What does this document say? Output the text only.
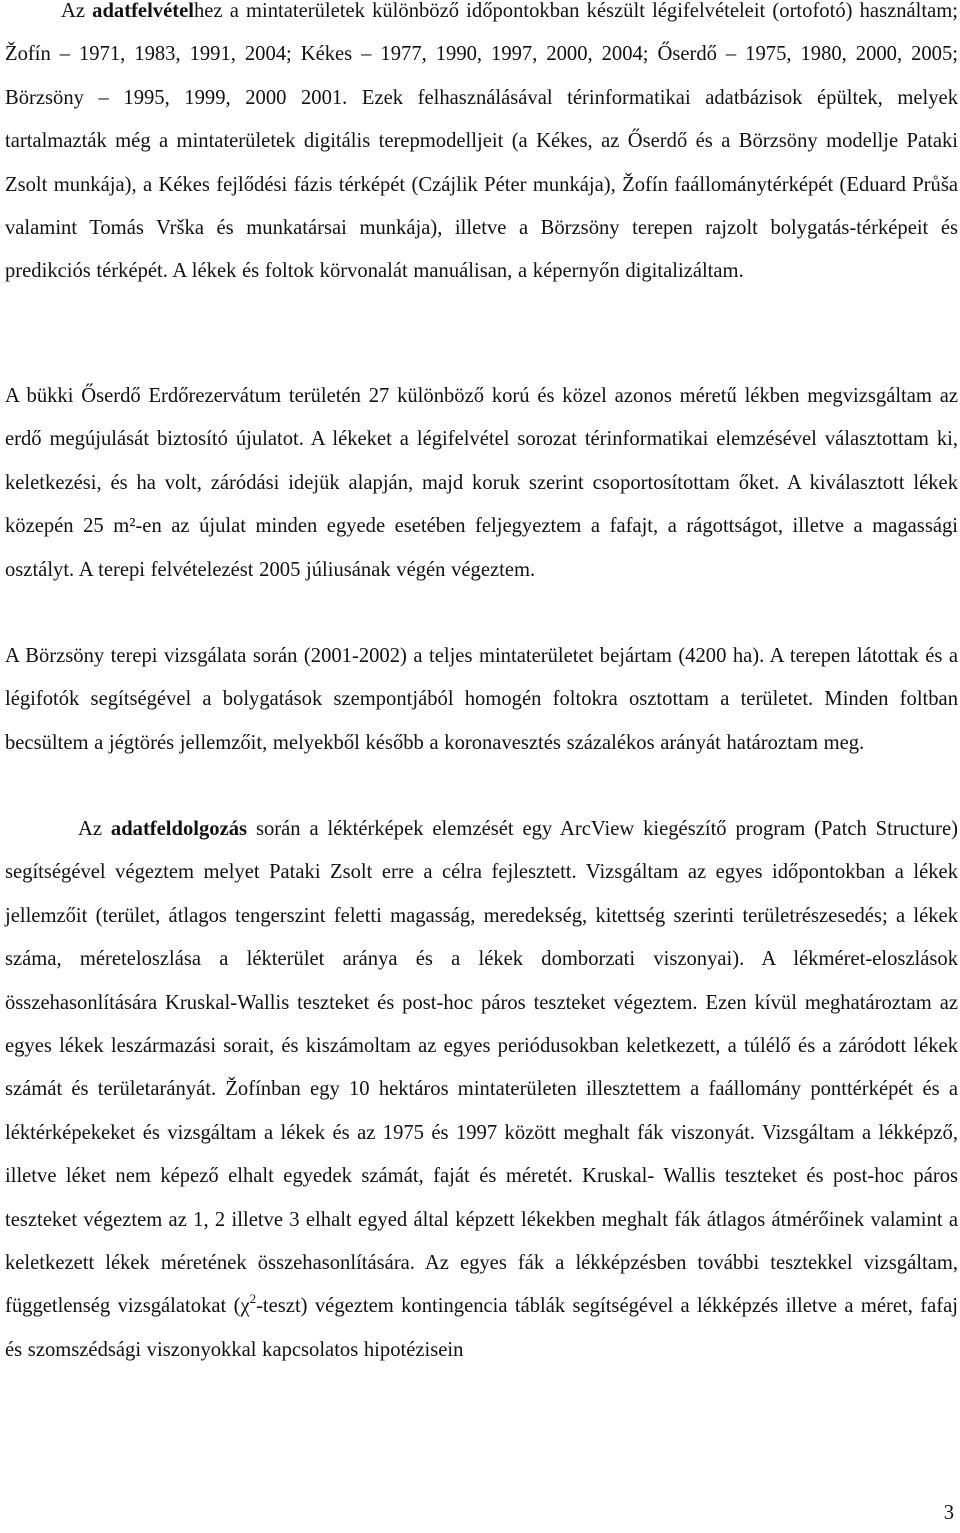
Az adatfelvételhez a mintaterületek különböző időpontokban készült légifelvételeit (ortofotó) használtam; Žofín – 1971, 1983, 1991, 2004; Kékes – 1977, 1990, 1997, 2000, 2004; Őserdő – 1975, 1980, 2000, 2005; Börzsöny – 1995, 1999, 2000 2001. Ezek felhasználásával térinformatikai adatbázisok épültek, melyek tartalmazták még a mintaterületek digitális terepmodelljeit (a Kékes, az Őserdő és a Börzsöny modellje Pataki Zsolt munkája), a Kékes fejlődési fázis térképét (Czájlik Péter munkája), Žofín faállománytérképét (Eduard Průša valamint Tomás Vrška és munkatársai munkája), illetve a Börzsöny terepen rajzolt bolygatás-térképeit és predikciós térképét. A lékek és foltok körvonalát manuálisan, a képernyőn digitalizáltam.

A bükki Őserdő Erdőrezervátum területén 27 különböző korú és közel azonos méretű lékben megvizsgáltam az erdő megújulását biztosító újulatot. A lékeket a légifelvétel sorozat térinformatikai elemzésével választottam ki, keletkezési, és ha volt, záródási idejük alapján, majd koruk szerint csoportosítottam őket. A kiválasztott lékek közepén 25 m²-en az újulat minden egyede esetében feljegyeztem a fafajt, a rágottságot, illetve a magassági osztályt. A terepi felvételezést 2005 júliusának végén végeztem.

A Börzsöny terepi vizsgálata során (2001-2002) a teljes mintaterületet bejártam (4200 ha). A terepen látottak és a légifotók segítségével a bolygatások szempontjából homogén foltokra osztottam a területet. Minden foltban becsültem a jégtörés jellemzőit, melyekből később a koronavesztés százalékos arányát határoztam meg.

Az adatfeldolgozás során a léktérképek elemzését egy ArcView kiegészítő program (Patch Structure) segítségével végeztem melyet Pataki Zsolt erre a célra fejlesztett. Vizsgáltam az egyes időpontokban a lékek jellemzőit (terület, átlagos tengerszint feletti magasság, meredekség, kitettség szerinti területrészesedés; a lékek száma, méreteloszlása a lékterület aránya és a lékek domborzati viszonyai). A lékméret-eloszlások összehasonlítására Kruskal-Wallis teszteket és post-hoc páros teszteket végeztem. Ezen kívül meghatároztam az egyes lékek leszármazási sorait, és kiszámoltam az egyes periódusokban keletkezett, a túlélő és a záródott lékek számát és területarányát. Žofínban egy 10 hektáros mintaterületen illesztettem a faállomány ponttérképét és a léktérképekeket és vizsgáltam a lékek és az 1975 és 1997 között meghalt fák viszonyát. Vizsgáltam a lékképző, illetve léket nem képező elhalt egyedek számát, faját és méretét. Kruskal- Wallis teszteket és post-hoc páros teszteket végeztem az 1, 2 illetve 3 elhalt egyed által képzett lékekben meghalt fák átlagos átmérőinek valamint a keletkezett lékek méretének összehasonlítására. Az egyes fák a lékképzésben további tesztekkel vizsgáltam, függetlenség vizsgálatokat $(\chi^2-teszt)$ végeztem kontingencia táblák segítségével a lékképzés illetve a méret, fafaj és szomszédsági viszonyokkal kapcsolatos hipotézisein

3
